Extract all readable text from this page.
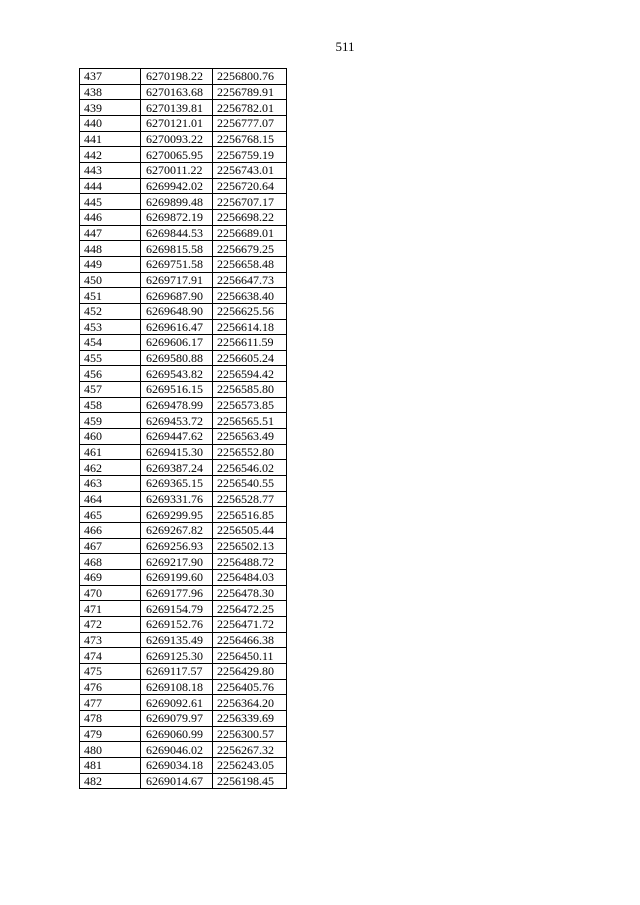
511
437	6270198.22	2256800.76
438	6270163.68	2256789.91
439	6270139.81	2256782.01
440	6270121.01	2256777.07
441	6270093.22	2256768.15
442	6270065.95	2256759.19
443	6270011.22	2256743.01
444	6269942.02	2256720.64
445	6269899.48	2256707.17
446	6269872.19	2256698.22
447	6269844.53	2256689.01
448	6269815.58	2256679.25
449	6269751.58	2256658.48
450	6269717.91	2256647.73
451	6269687.90	2256638.40
452	6269648.90	2256625.56
453	6269616.47	2256614.18
454	6269606.17	2256611.59
455	6269580.88	2256605.24
456	6269543.82	2256594.42
457	6269516.15	2256585.80
458	6269478.99	2256573.85
459	6269453.72	2256565.51
460	6269447.62	2256563.49
461	6269415.30	2256552.80
462	6269387.24	2256546.02
463	6269365.15	2256540.55
464	6269331.76	2256528.77
465	6269299.95	2256516.85
466	6269267.82	2256505.44
467	6269256.93	2256502.13
468	6269217.90	2256488.72
469	6269199.60	2256484.03
470	6269177.96	2256478.30
471	6269154.79	2256472.25
472	6269152.76	2256471.72
473	6269135.49	2256466.38
474	6269125.30	2256450.11
475	6269117.57	2256429.80
476	6269108.18	2256405.76
477	6269092.61	2256364.20
478	6269079.97	2256339.69
479	6269060.99	2256300.57
480	6269046.02	2256267.32
481	6269034.18	2256243.05
482	6269014.67	2256198.45
